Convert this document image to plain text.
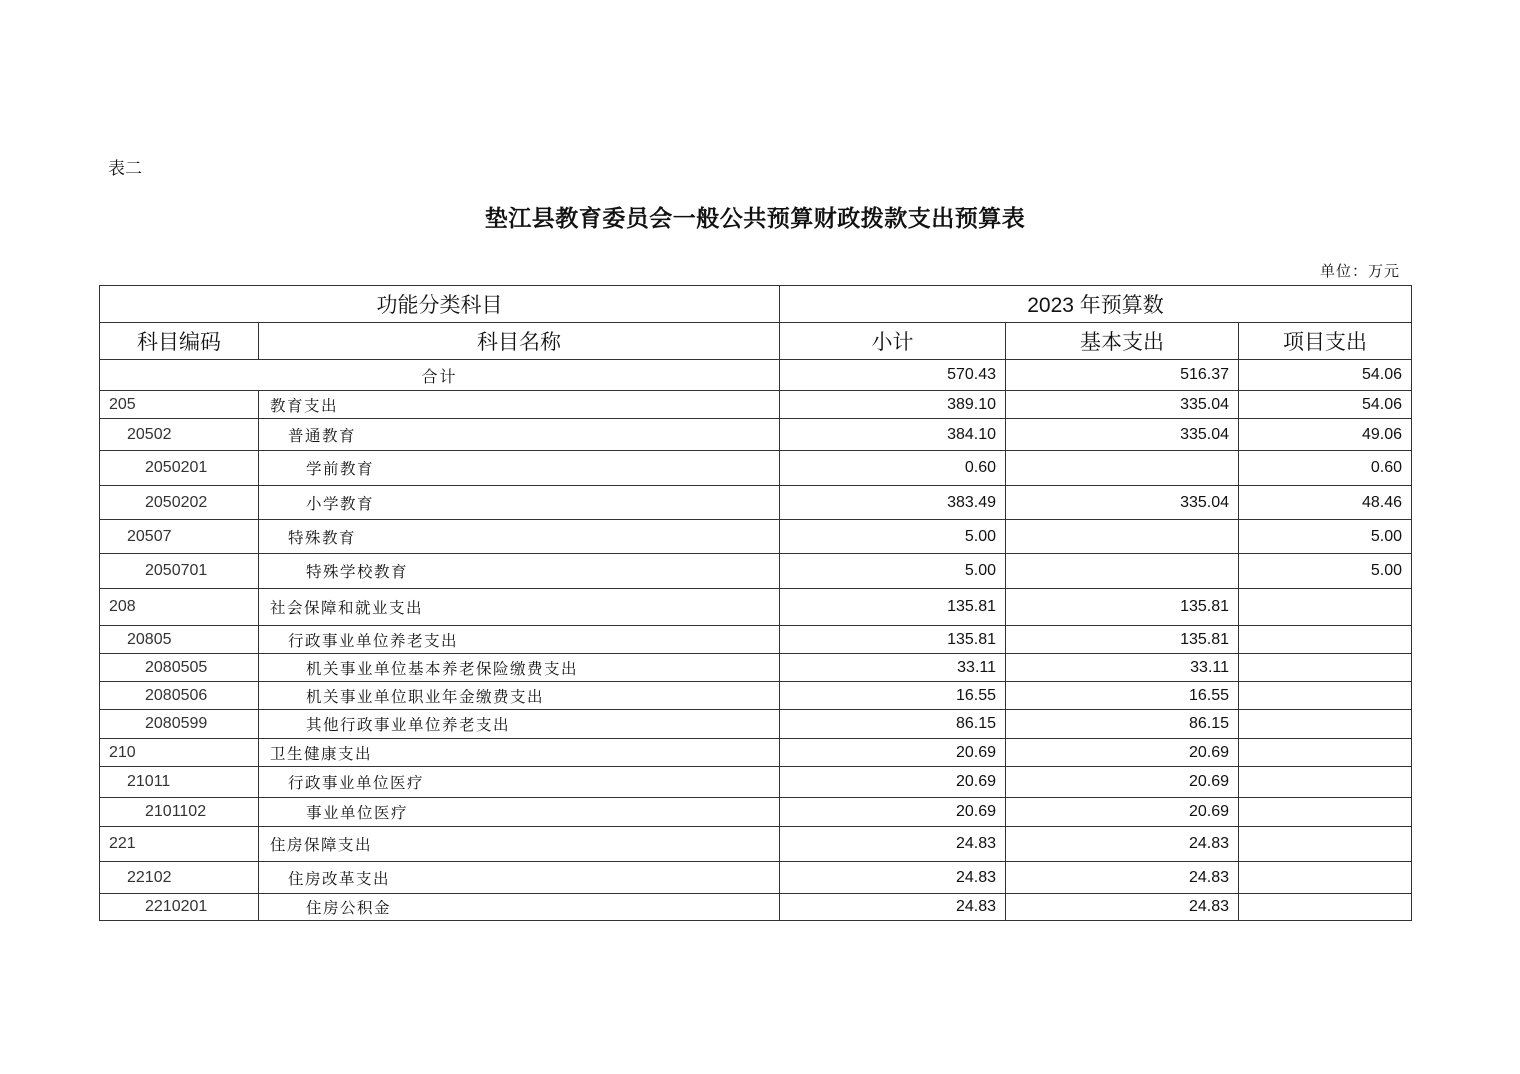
表二
垫江县教育委员会一般公共预算财政拨款支出预算表
单位：万元
功能分类科目		2023 年预算数		
科目编码	科目名称	小计	基本支出	项目支出
合计		570.43	516.37	54.06
205	教育支出	389.10	335.04	54.06
20502	普通教育	384.10	335.04	49.06
2050201	学前教育	0.60		0.60
2050202	小学教育	383.49	335.04	48.46
20507	特殊教育	5.00		5.00
2050701	特殊学校教育	5.00		5.00
208	社会保障和就业支出	135.81	135.81	
20805	行政事业单位养老支出	135.81	135.81	
2080505	机关事业单位基本养老保险缴费支出	33.11	33.11	
2080506	机关事业单位职业年金缴费支出	16.55	16.55	
2080599	其他行政事业单位养老支出	86.15	86.15	
210	卫生健康支出	20.69	20.69	
21011	行政事业单位医疗	20.69	20.69	
2101102	事业单位医疗	20.69	20.69	
221	住房保障支出	24.83	24.83	
22102	住房改革支出	24.83	24.83	
2210201	住房公积金	24.83	24.83	
